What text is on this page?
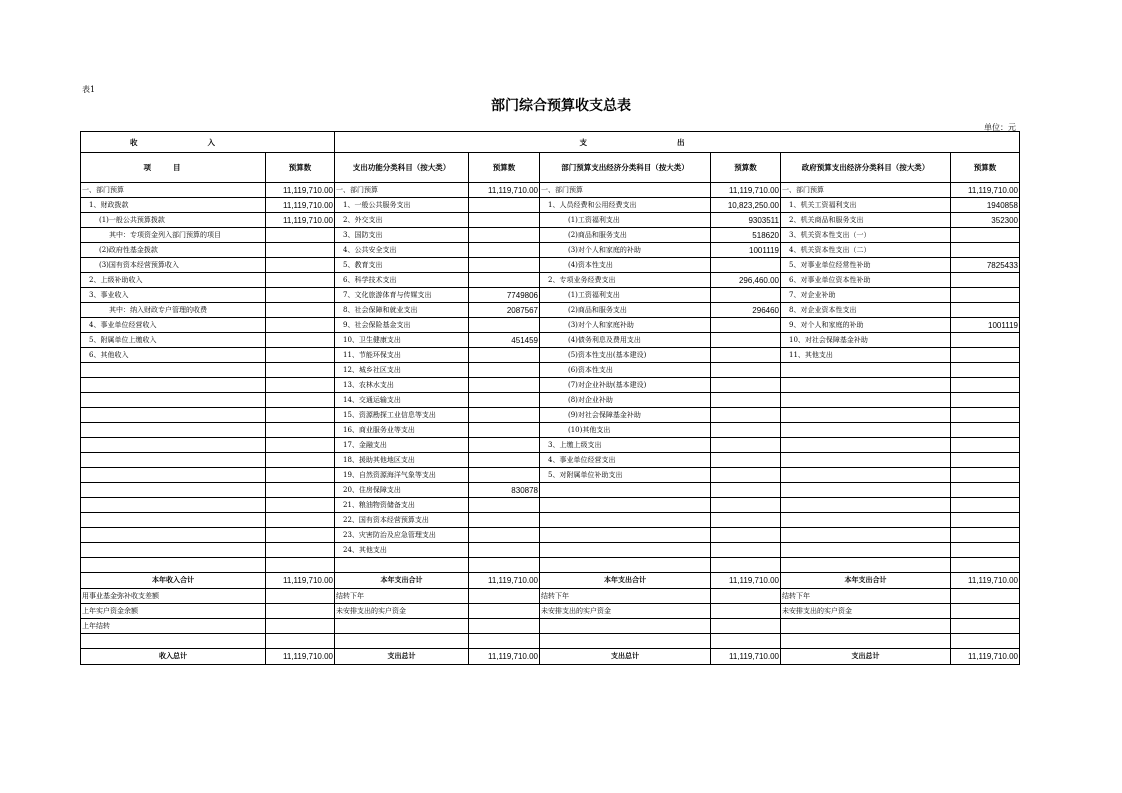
表1
部门综合预算收支总表
单位：元
收入		支出					
项目	预算数	支出功能分类科目（按大类）	预算数	部门预算支出经济分类科目（按大类）	预算数	政府预算支出经济分类科目（按大类）	预算数
一、部门预算	11,119,710.00	一、部门预算	11,119,710.00	一、部门预算	11,119,710.00	一、部门预算	11,119,710.00
1、财政拨款	11,119,710.00	1、一般公共服务支出		1、人员经费和公用经费支出	10,823,250.00	1、机关工资福利支出	1940858
(1)一般公共预算拨款	11,119,710.00	2、外交支出		(1)工资福利支出	9303511	2、机关商品和服务支出	352300
其中：专项资金列入部门预算的项目		3、国防支出		(2)商品和服务支出	518620	3、机关资本性支出（一）	
(2)政府性基金拨款		4、公共安全支出		(3)对个人和家庭的补助	1001119	4、机关资本性支出（二）	
(3)国有资本经营预算收入		5、教育支出		(4)资本性支出		5、对事业单位经常性补助	7825433
2、上级补助收入		6、科学技术支出		2、专项业务经费支出	296,460.00	6、对事业单位资本性补助	
3、事业收入		7、文化旅游体育与传媒支出	7749806	(1)工资福利支出		7、对企业补助	
其中：纳入财政专户管理的收费		8、社会保障和就业支出	2087567	(2)商品和服务支出	296460	8、对企业资本性支出	
4、事业单位经营收入		9、社会保险基金支出		(3)对个人和家庭补助		9、对个人和家庭的补助	1001119
5、附属单位上缴收入		10、卫生健康支出	451459	(4)债务利息及费用支出		10、对社会保障基金补助	
6、其他收入		11、节能环保支出		(5)资本性支出(基本建设)		11、其他支出	
		12、城乡社区支出		(6)资本性支出			
		13、农林水支出		(7)对企业补助(基本建设)			
		14、交通运输支出		(8)对企业补助			
		15、资源勘探工业信息等支出		(9)对社会保障基金补助			
		16、商业服务业等支出		(10)其他支出			
		17、金融支出		3、上缴上级支出			
		18、援助其他地区支出		4、事业单位经营支出			
		19、自然资源海洋气象等支出		5、对附属单位补助支出			
		20、住房保障支出	830878				
		21、粮油物资储备支出					
		22、国有资本经营预算支出					
		23、灾害防治及应急管理支出					
		24、其他支出					

本年收入合计	11,119,710.00	本年支出合计	11,119,710.00	本年支出合计	11,119,710.00	本年支出合计	11,119,710.00
用事业基金弥补收支差额		结转下年		结转下年		结转下年	
上年实户资金余额		未安排支出的实户资金		未安排支出的实户资金		未安排支出的实户资金	
上年结转							

收入总计	11,119,710.00	支出总计	11,119,710.00	支出总计	11,119,710.00	支出总计	11,119,710.00
